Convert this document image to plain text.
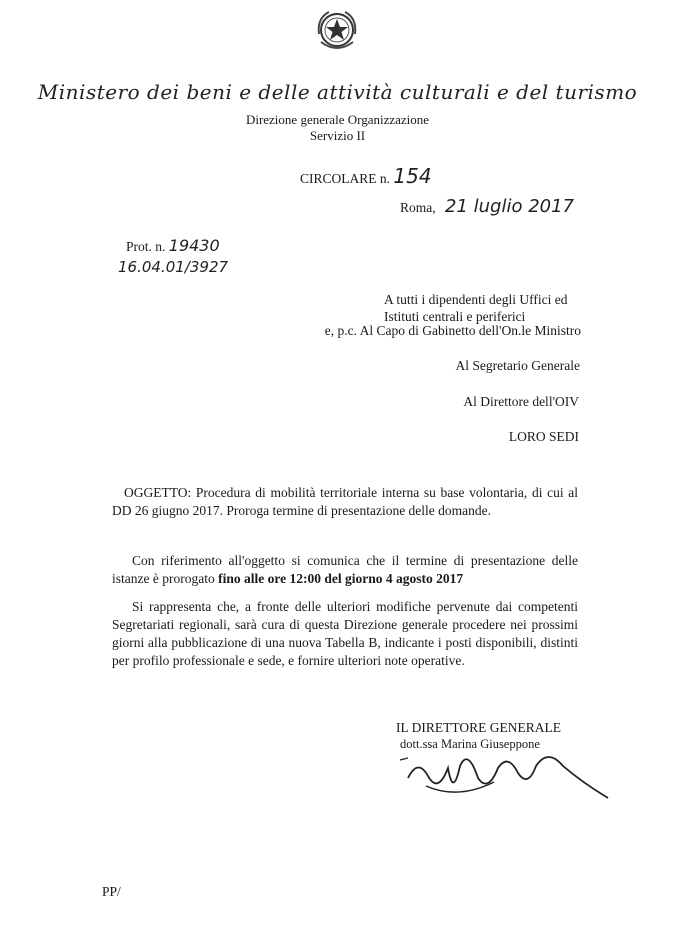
Ministero dei beni e delle attività culturali e del turismo
Direzione generale Organizzazione
Servizio II
CIRCOLARE n. 154
Roma, 21 luglio 2017
Prot. n. 19430
16.04.01/3927
A tutti i dipendenti degli Uffici ed
Istituti centrali e periferici
e, p.c. Al Capo di Gabinetto dell'On.le Ministro
Al Segretario Generale
Al Direttore dell'OIV
LORO SEDI
OGGETTO: Procedura di mobilità territoriale interna su base volontaria, di cui al DD 26 giugno 2017. Proroga termine di presentazione delle domande.
Con riferimento all'oggetto si comunica che il termine di presentazione delle istanze è prorogato fino alle ore 12:00 del giorno 4 agosto 2017
Si rappresenta che, a fronte delle ulteriori modifiche pervenute dai competenti Segretariati regionali, sarà cura di questa Direzione generale procedere nei prossimi giorni alla pubblicazione di una nuova Tabella B, indicante i posti disponibili, distinti per profilo professionale e sede, e fornire ulteriori note operative.
IL DIRETTORE GENERALE
dott.ssa Marina Giuseppone
PP/
